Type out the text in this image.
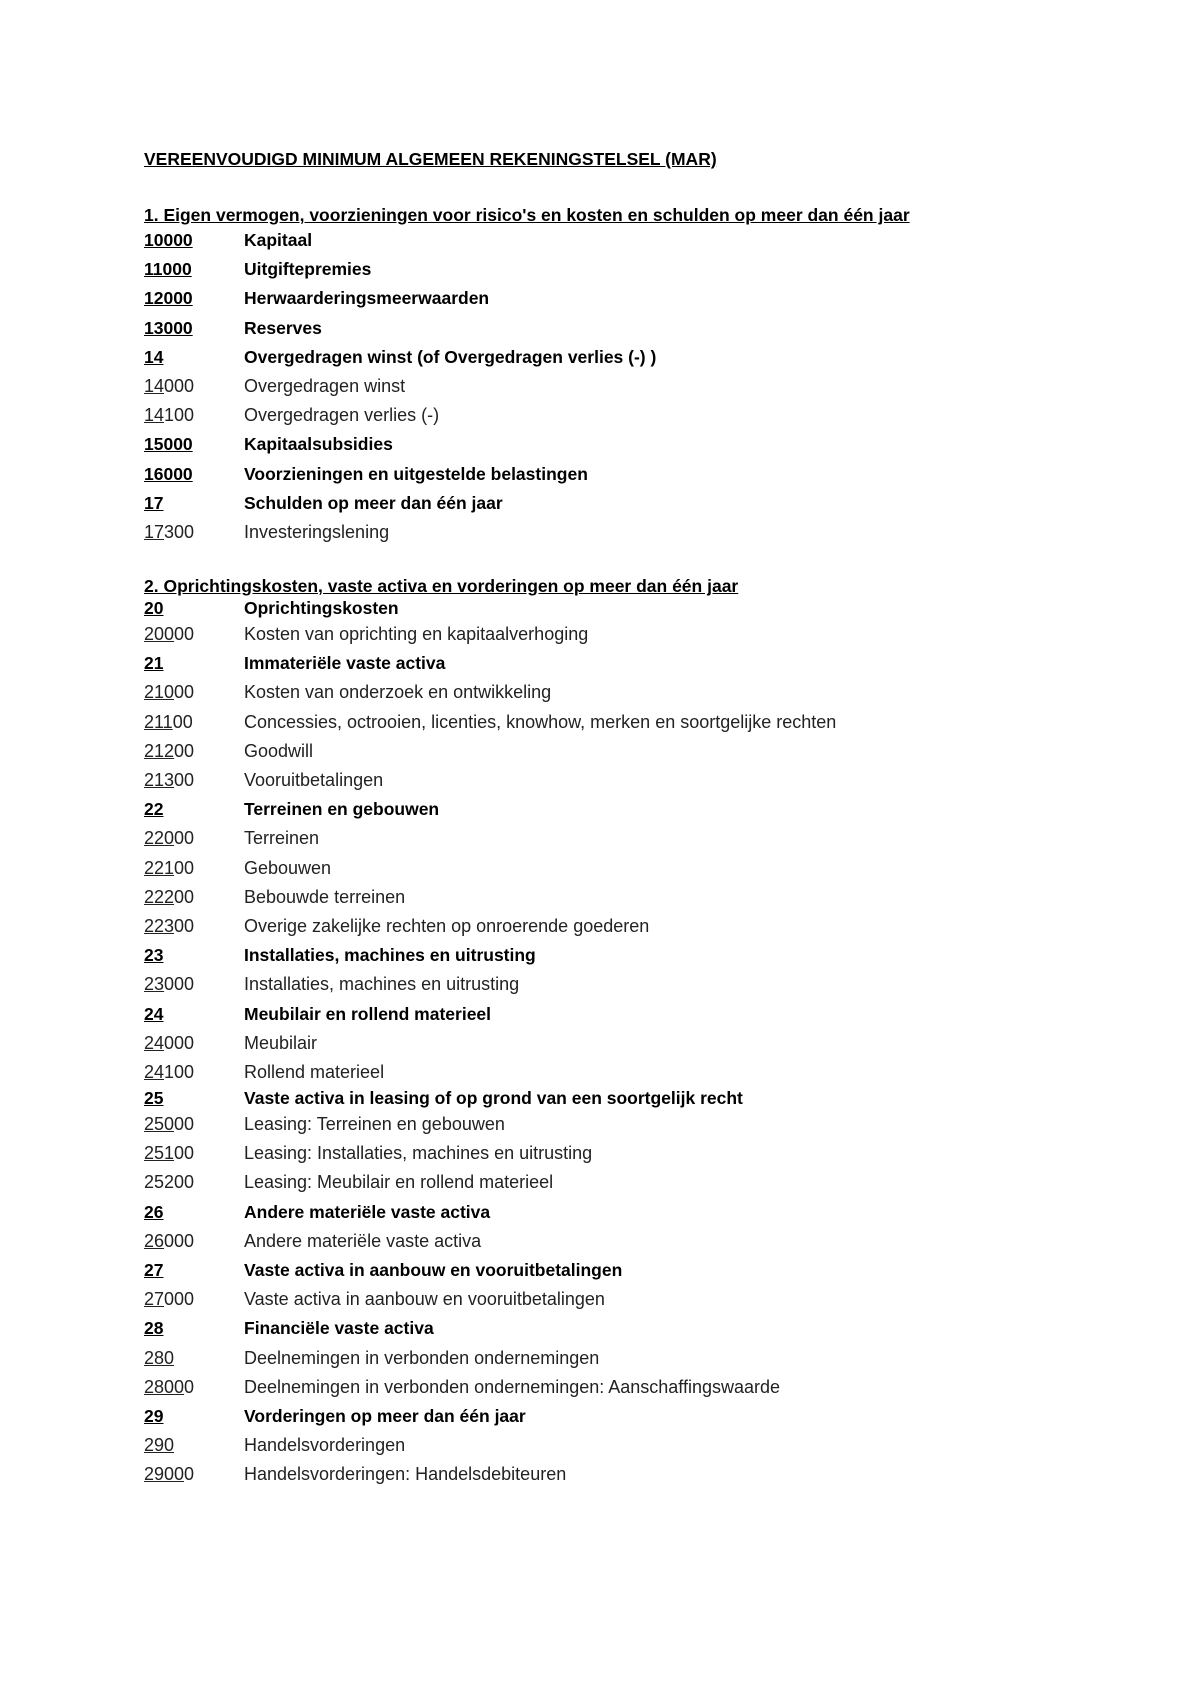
VEREENVOUDIGD MINIMUM ALGEMEEN REKENINGSTELSEL (MAR)
1. Eigen vermogen, voorzieningen voor risico's en kosten en schulden op meer dan één jaar
10000	Kapitaal
11000	Uitgiftepremies
12000	Herwaarderingsmeerwaarden
13000	Reserves
14	Overgedragen winst (of Overgedragen verlies (-) )
14000	Overgedragen winst
14100	Overgedragen verlies (-)
15000	Kapitaalsubsidies
16000	Voorzieningen en uitgestelde belastingen
17	Schulden op meer dan één jaar
17300	Investeringslening
2. Oprichtingskosten, vaste activa en vorderingen op meer dan één jaar
20	Oprichtingskosten
20000	Kosten van oprichting en kapitaalverhoging
21	Immateriële vaste activa
21000	Kosten van onderzoek en ontwikkeling
21100	Concessies, octrooien, licenties, knowhow, merken en soortgelijke rechten
21200	Goodwill
21300	Vooruitbetalingen
22	Terreinen en gebouwen
22000	Terreinen
22100	Gebouwen
22200	Bebouwde terreinen
22300	Overige zakelijke rechten op onroerende goederen
23	Installaties, machines en uitrusting
23000	Installaties, machines en uitrusting
24	Meubilair en rollend materieel
24000	Meubilair
24100	Rollend materieel
25	Vaste activa in leasing of op grond van een soortgelijk recht
25000	Leasing: Terreinen en gebouwen
25100	Leasing: Installaties, machines en uitrusting
25200	Leasing: Meubilair en rollend materieel
26	Andere materiële vaste activa
26000	Andere materiële vaste activa
27	Vaste activa in aanbouw en vooruitbetalingen
27000	Vaste activa in aanbouw en vooruitbetalingen
28	Financiële vaste activa
280	Deelnemingen in verbonden ondernemingen
28000	Deelnemingen in verbonden ondernemingen: Aanschaffingswaarde
29	Vorderingen op meer dan één jaar
290	Handelsvorderingen
29000	Handelsvorderingen: Handelsdebiteuren
